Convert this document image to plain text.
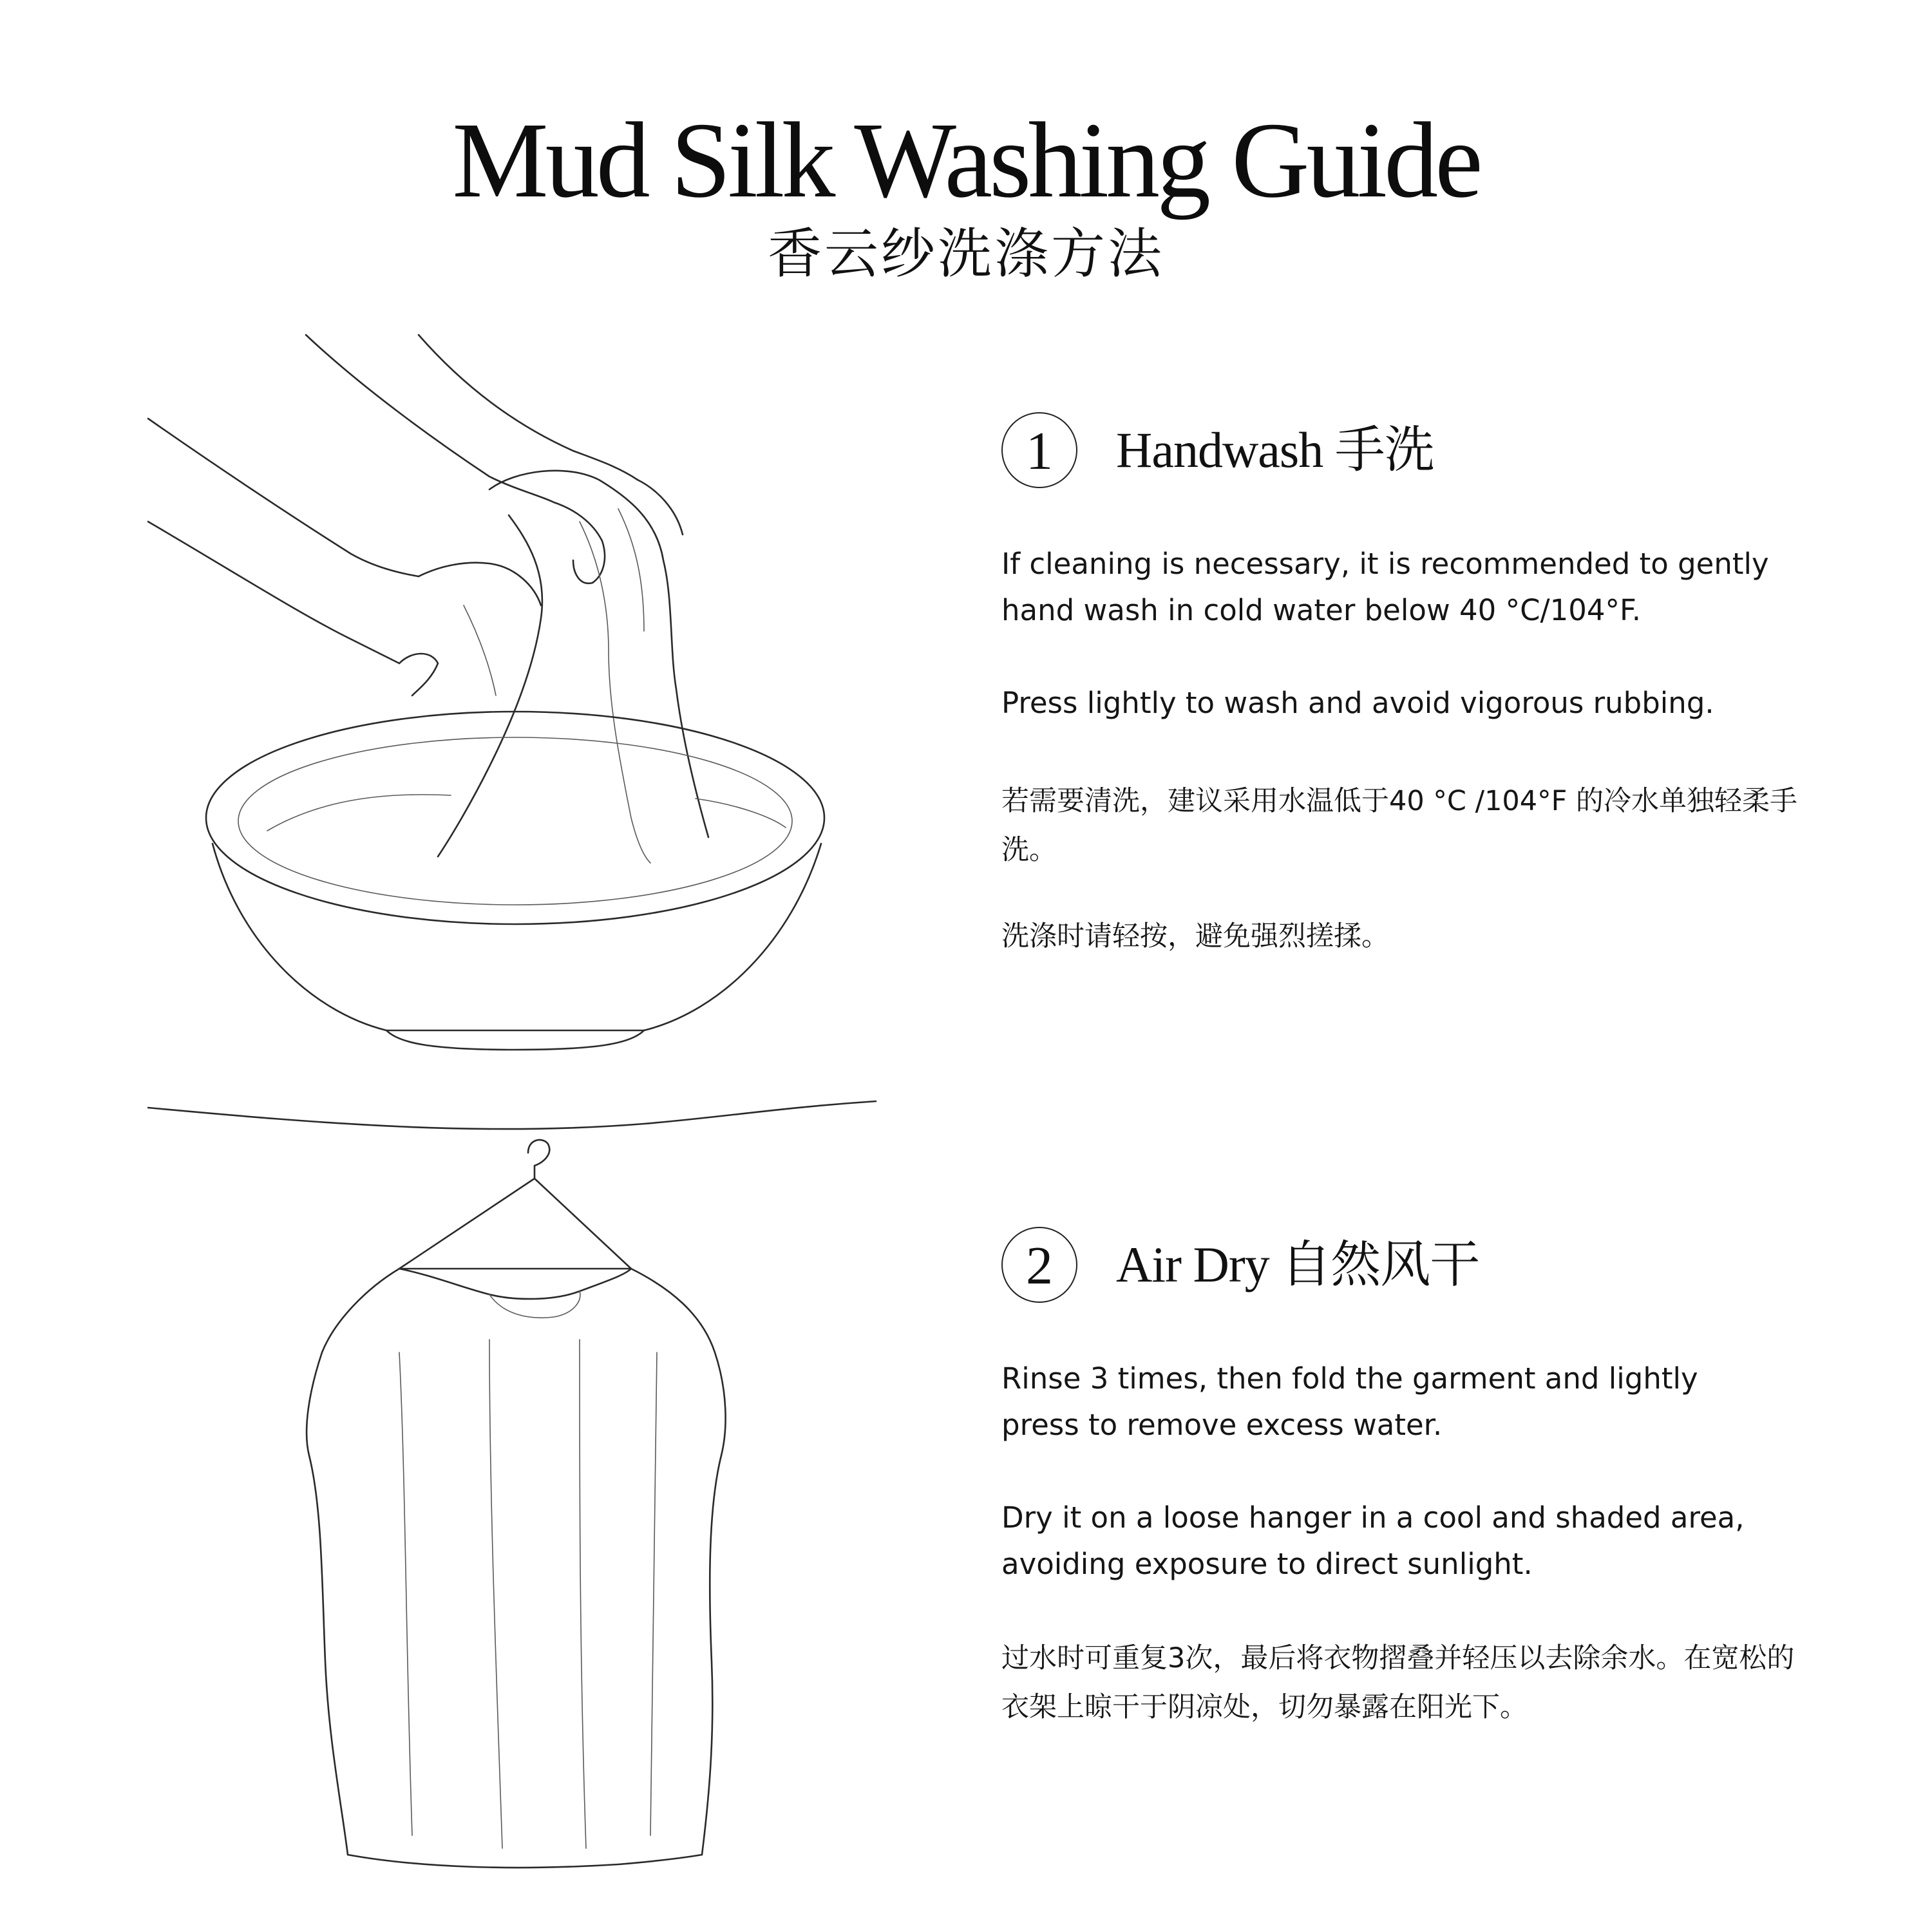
Mud Silk Washing Guide
香云纱洗涤方法
1	Handwash 手洗

If cleaning is necessary, it is recommended to gently hand wash in cold water below 40 °C/104°F.

Press lightly to wash and avoid vigorous rubbing.

若需要清洗，建议采用水温低于40 °C /104°F 的冷水单独轻柔手洗。

洗涤时请轻按，避免强烈搓揉。

2	Air Dry 自然风干

Rinse 3 times, then fold the garment and lightly press to remove excess water.

Dry it on a loose hanger in a cool and shaded area, avoiding exposure to direct sunlight.

过水时可重复3次，最后将衣物摺叠并轻压以去除余水。在宽松的衣架上晾干于阴凉处，切勿暴露在阳光下。
